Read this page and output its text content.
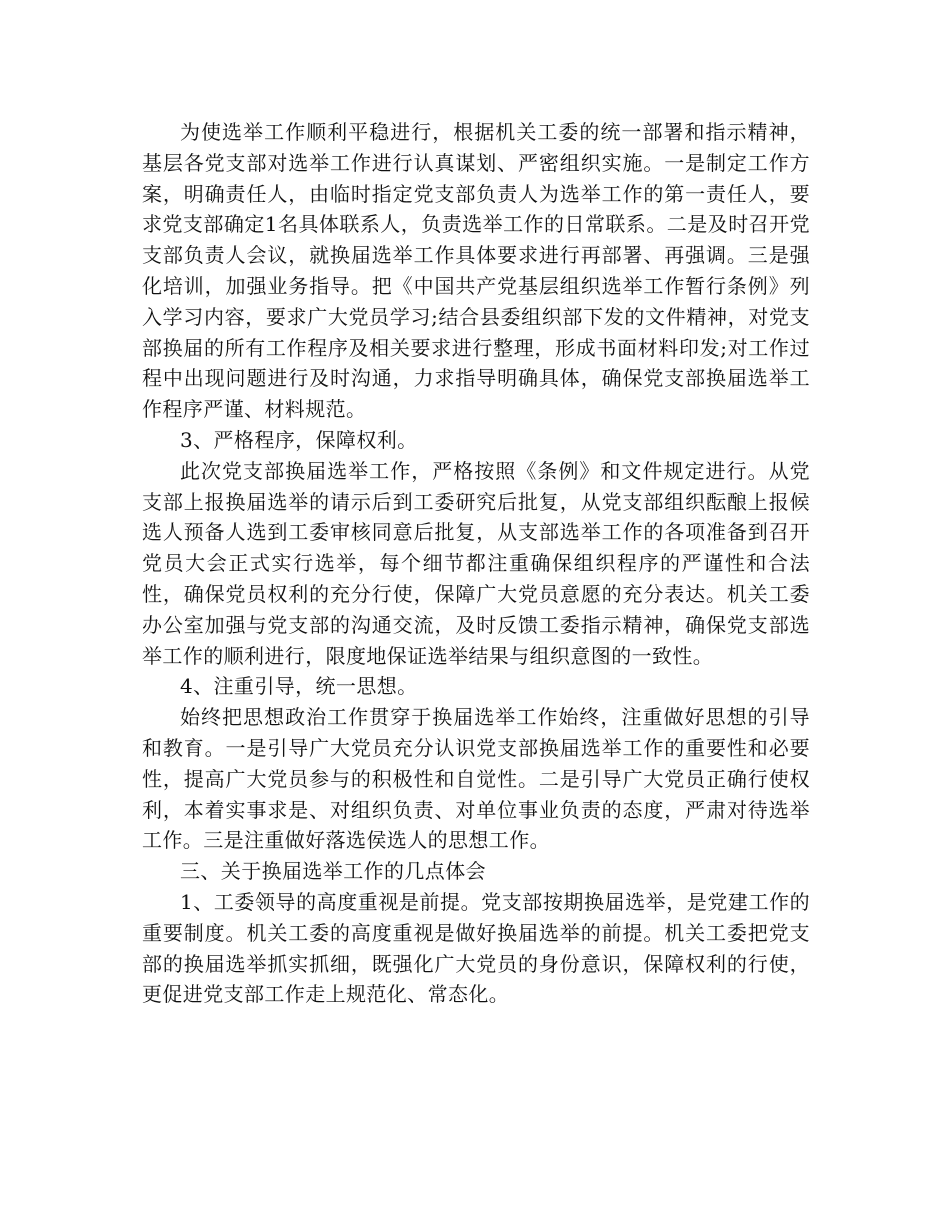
为使选举工作顺利平稳进行，根据机关工委的统一部署和指示精神，基层各党支部对选举工作进行认真谋划、严密组织实施。一是制定工作方案，明确责任人，由临时指定党支部负责人为选举工作的第一责任人，要求党支部确定1名具体联系人，负责选举工作的日常联系。二是及时召开党支部负责人会议，就换届选举工作具体要求进行再部署、再强调。三是强化培训，加强业务指导。把《中国共产党基层组织选举工作暂行条例》列入学习内容，要求广大党员学习;结合县委组织部下发的文件精神，对党支部换届的所有工作程序及相关要求进行整理，形成书面材料印发;对工作过程中出现问题进行及时沟通，力求指导明确具体，确保党支部换届选举工作程序严谨、材料规范。

3、严格程序，保障权利。

此次党支部换届选举工作，严格按照《条例》和文件规定进行。从党支部上报换届选举的请示后到工委研究后批复，从党支部组织酝酿上报候选人预备人选到工委审核同意后批复，从支部选举工作的各项准备到召开党员大会正式实行选举，每个细节都注重确保组织程序的严谨性和合法性，确保党员权利的充分行使，保障广大党员意愿的充分表达。机关工委办公室加强与党支部的沟通交流，及时反馈工委指示精神，确保党支部选举工作的顺利进行，限度地保证选举结果与组织意图的一致性。

4、注重引导，统一思想。

始终把思想政治工作贯穿于换届选举工作始终，注重做好思想的引导和教育。一是引导广大党员充分认识党支部换届选举工作的重要性和必要性，提高广大党员参与的积极性和自觉性。二是引导广大党员正确行使权利，本着实事求是、对组织负责、对单位事业负责的态度，严肃对待选举工作。三是注重做好落选侯选人的思想工作。

三、关于换届选举工作的几点体会

1、工委领导的高度重视是前提。党支部按期换届选举，是党建工作的重要制度。机关工委的高度重视是做好换届选举的前提。机关工委把党支部的换届选举抓实抓细，既强化广大党员的身份意识，保障权利的行使，更促进党支部工作走上规范化、常态化。
